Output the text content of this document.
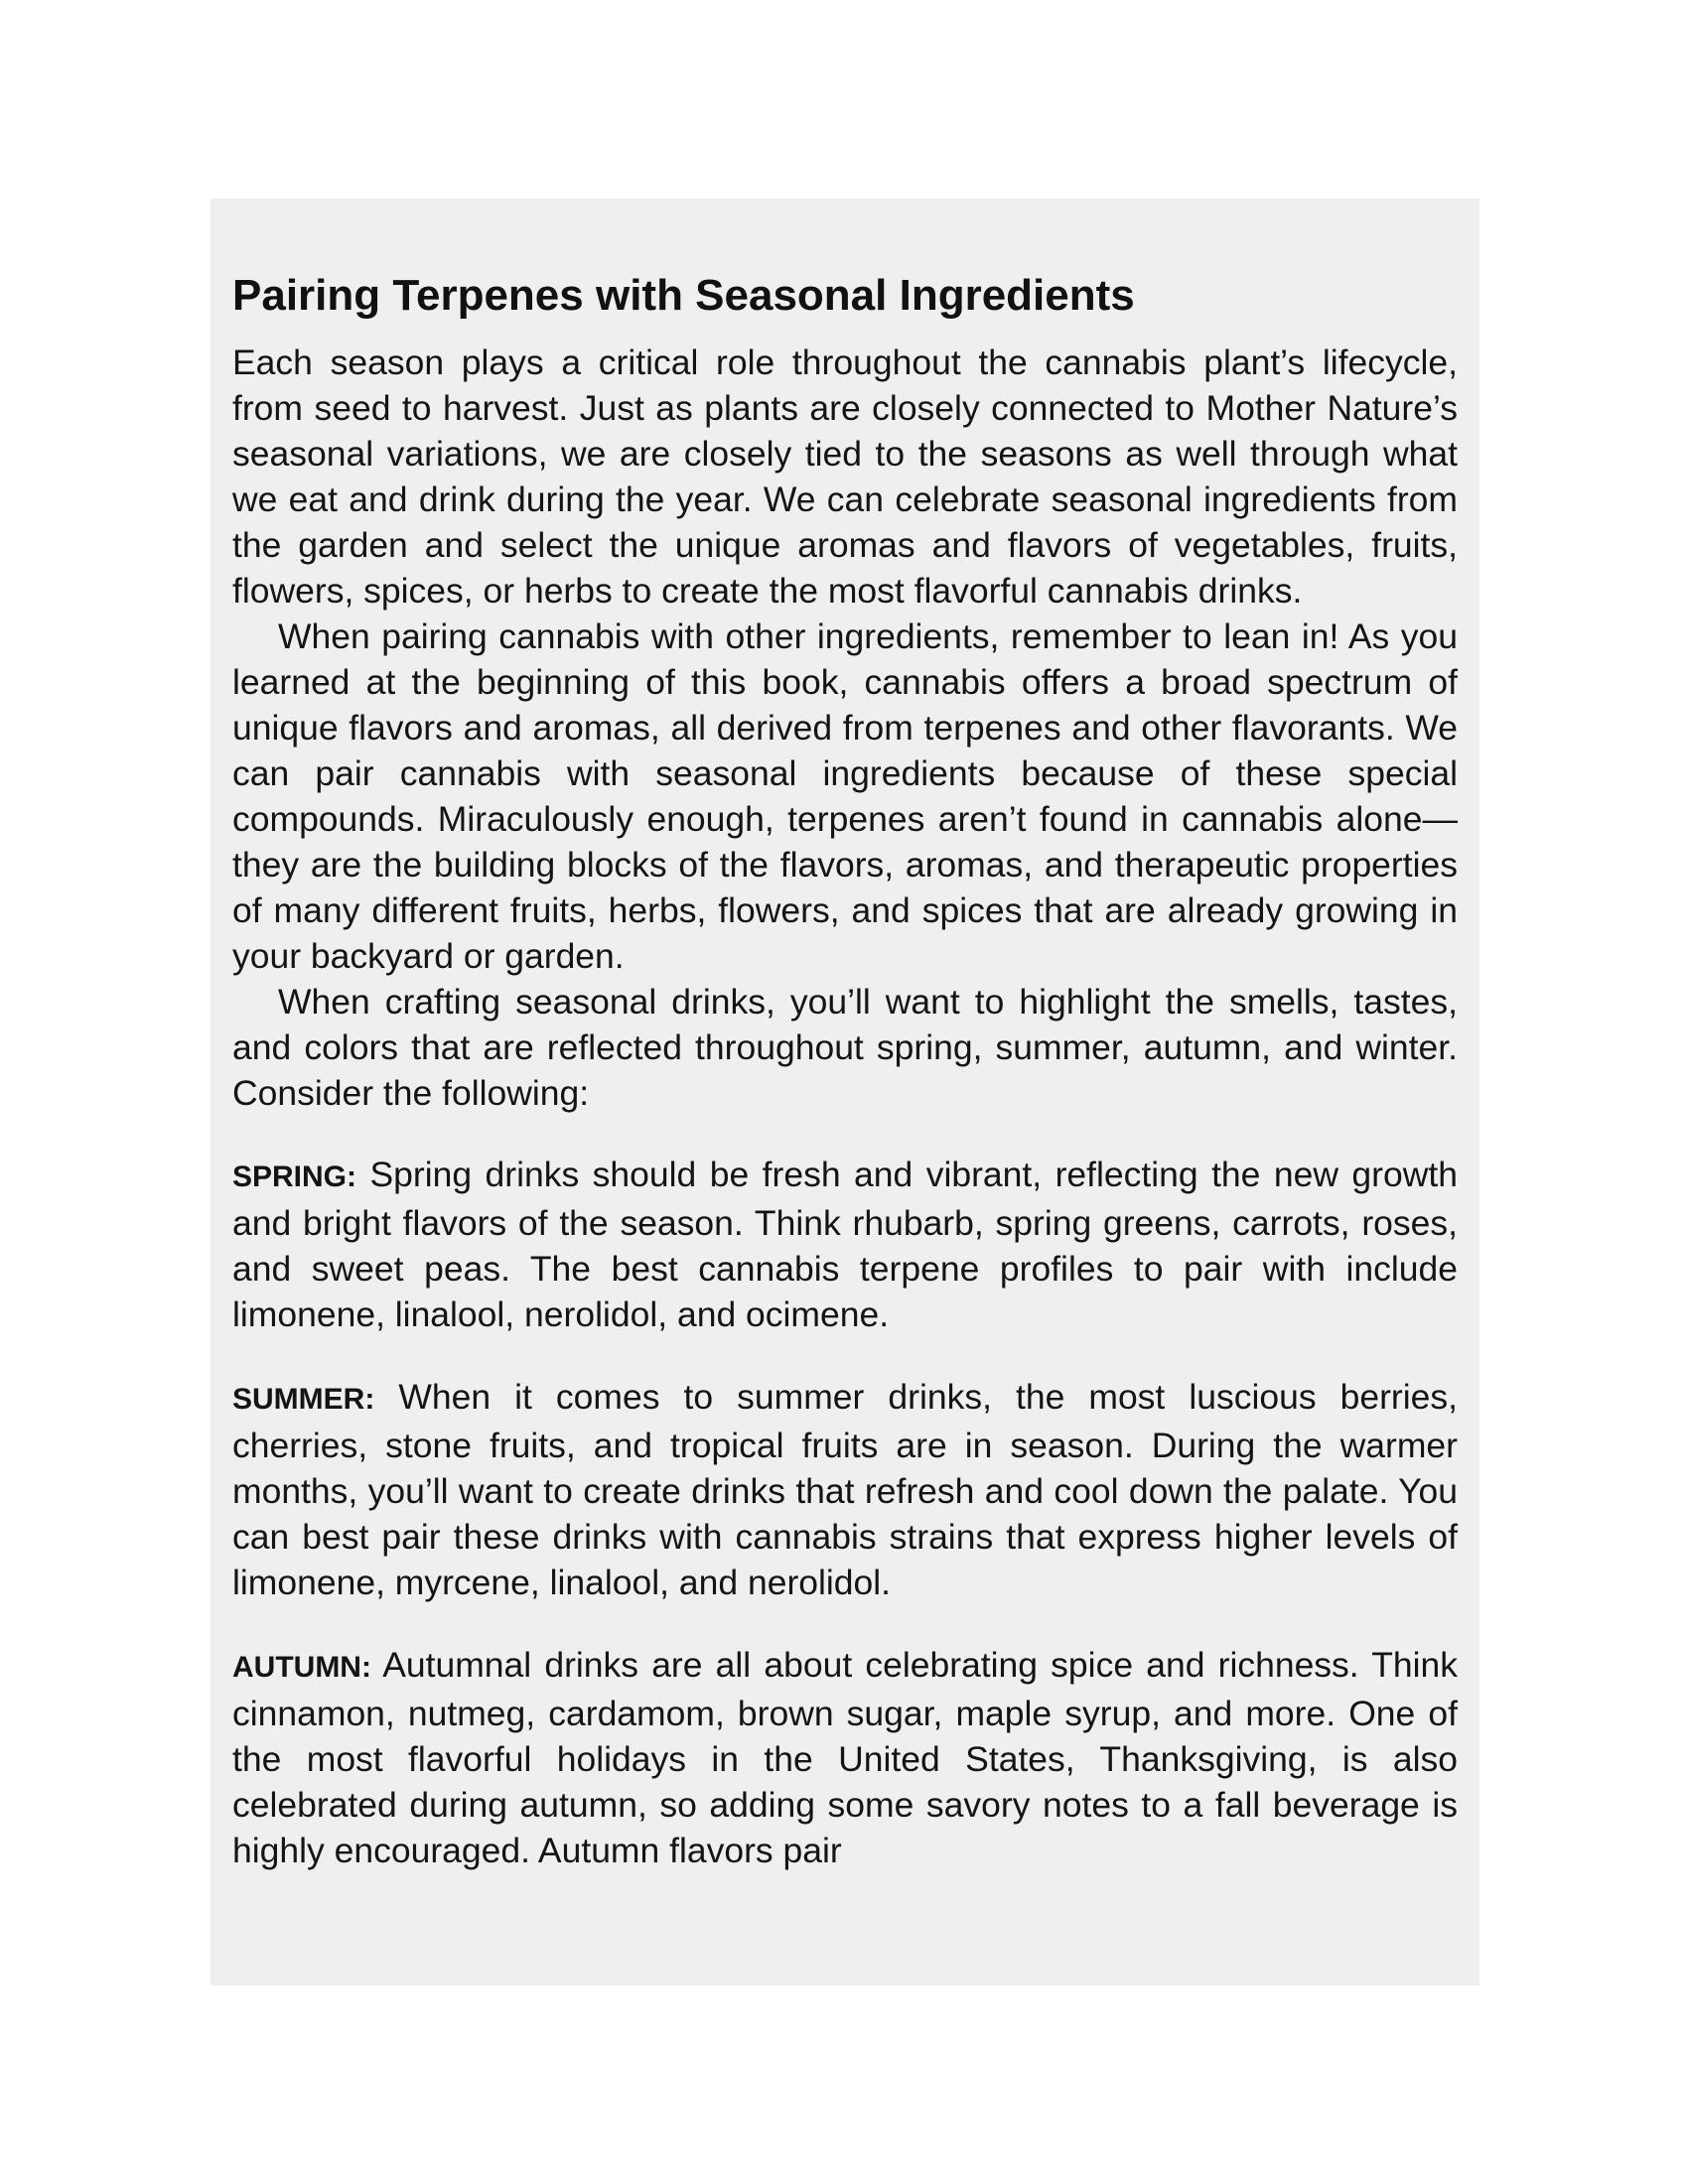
Pairing Terpenes with Seasonal Ingredients

Each season plays a critical role throughout the cannabis plant’s lifecycle, from seed to harvest. Just as plants are closely connected to Mother Nature’s seasonal variations, we are closely tied to the seasons as well through what we eat and drink during the year. We can celebrate seasonal ingredients from the garden and select the unique aromas and flavors of vegetables, fruits, flowers, spices, or herbs to create the most flavorful cannabis drinks.

When pairing cannabis with other ingredients, remember to lean in! As you learned at the beginning of this book, cannabis offers a broad spectrum of unique flavors and aromas, all derived from terpenes and other flavorants. We can pair cannabis with seasonal ingredients because of these special compounds. Miraculously enough, terpenes aren’t found in cannabis alone—they are the building blocks of the flavors, aromas, and therapeutic properties of many different fruits, herbs, flowers, and spices that are already growing in your backyard or garden.

When crafting seasonal drinks, you’ll want to highlight the smells, tastes, and colors that are reflected throughout spring, summer, autumn, and winter. Consider the following:

SPRING: Spring drinks should be fresh and vibrant, reflecting the new growth and bright flavors of the season. Think rhubarb, spring greens, carrots, roses, and sweet peas. The best cannabis terpene profiles to pair with include limonene, linalool, nerolidol, and ocimene.

SUMMER: When it comes to summer drinks, the most luscious berries, cherries, stone fruits, and tropical fruits are in season. During the warmer months, you’ll want to create drinks that refresh and cool down the palate. You can best pair these drinks with cannabis strains that express higher levels of limonene, myrcene, linalool, and nerolidol.

AUTUMN: Autumnal drinks are all about celebrating spice and richness. Think cinnamon, nutmeg, cardamom, brown sugar, maple syrup, and more. One of the most flavorful holidays in the United States, Thanksgiving, is also celebrated during autumn, so adding some savory notes to a fall beverage is highly encouraged. Autumn flavors pair
